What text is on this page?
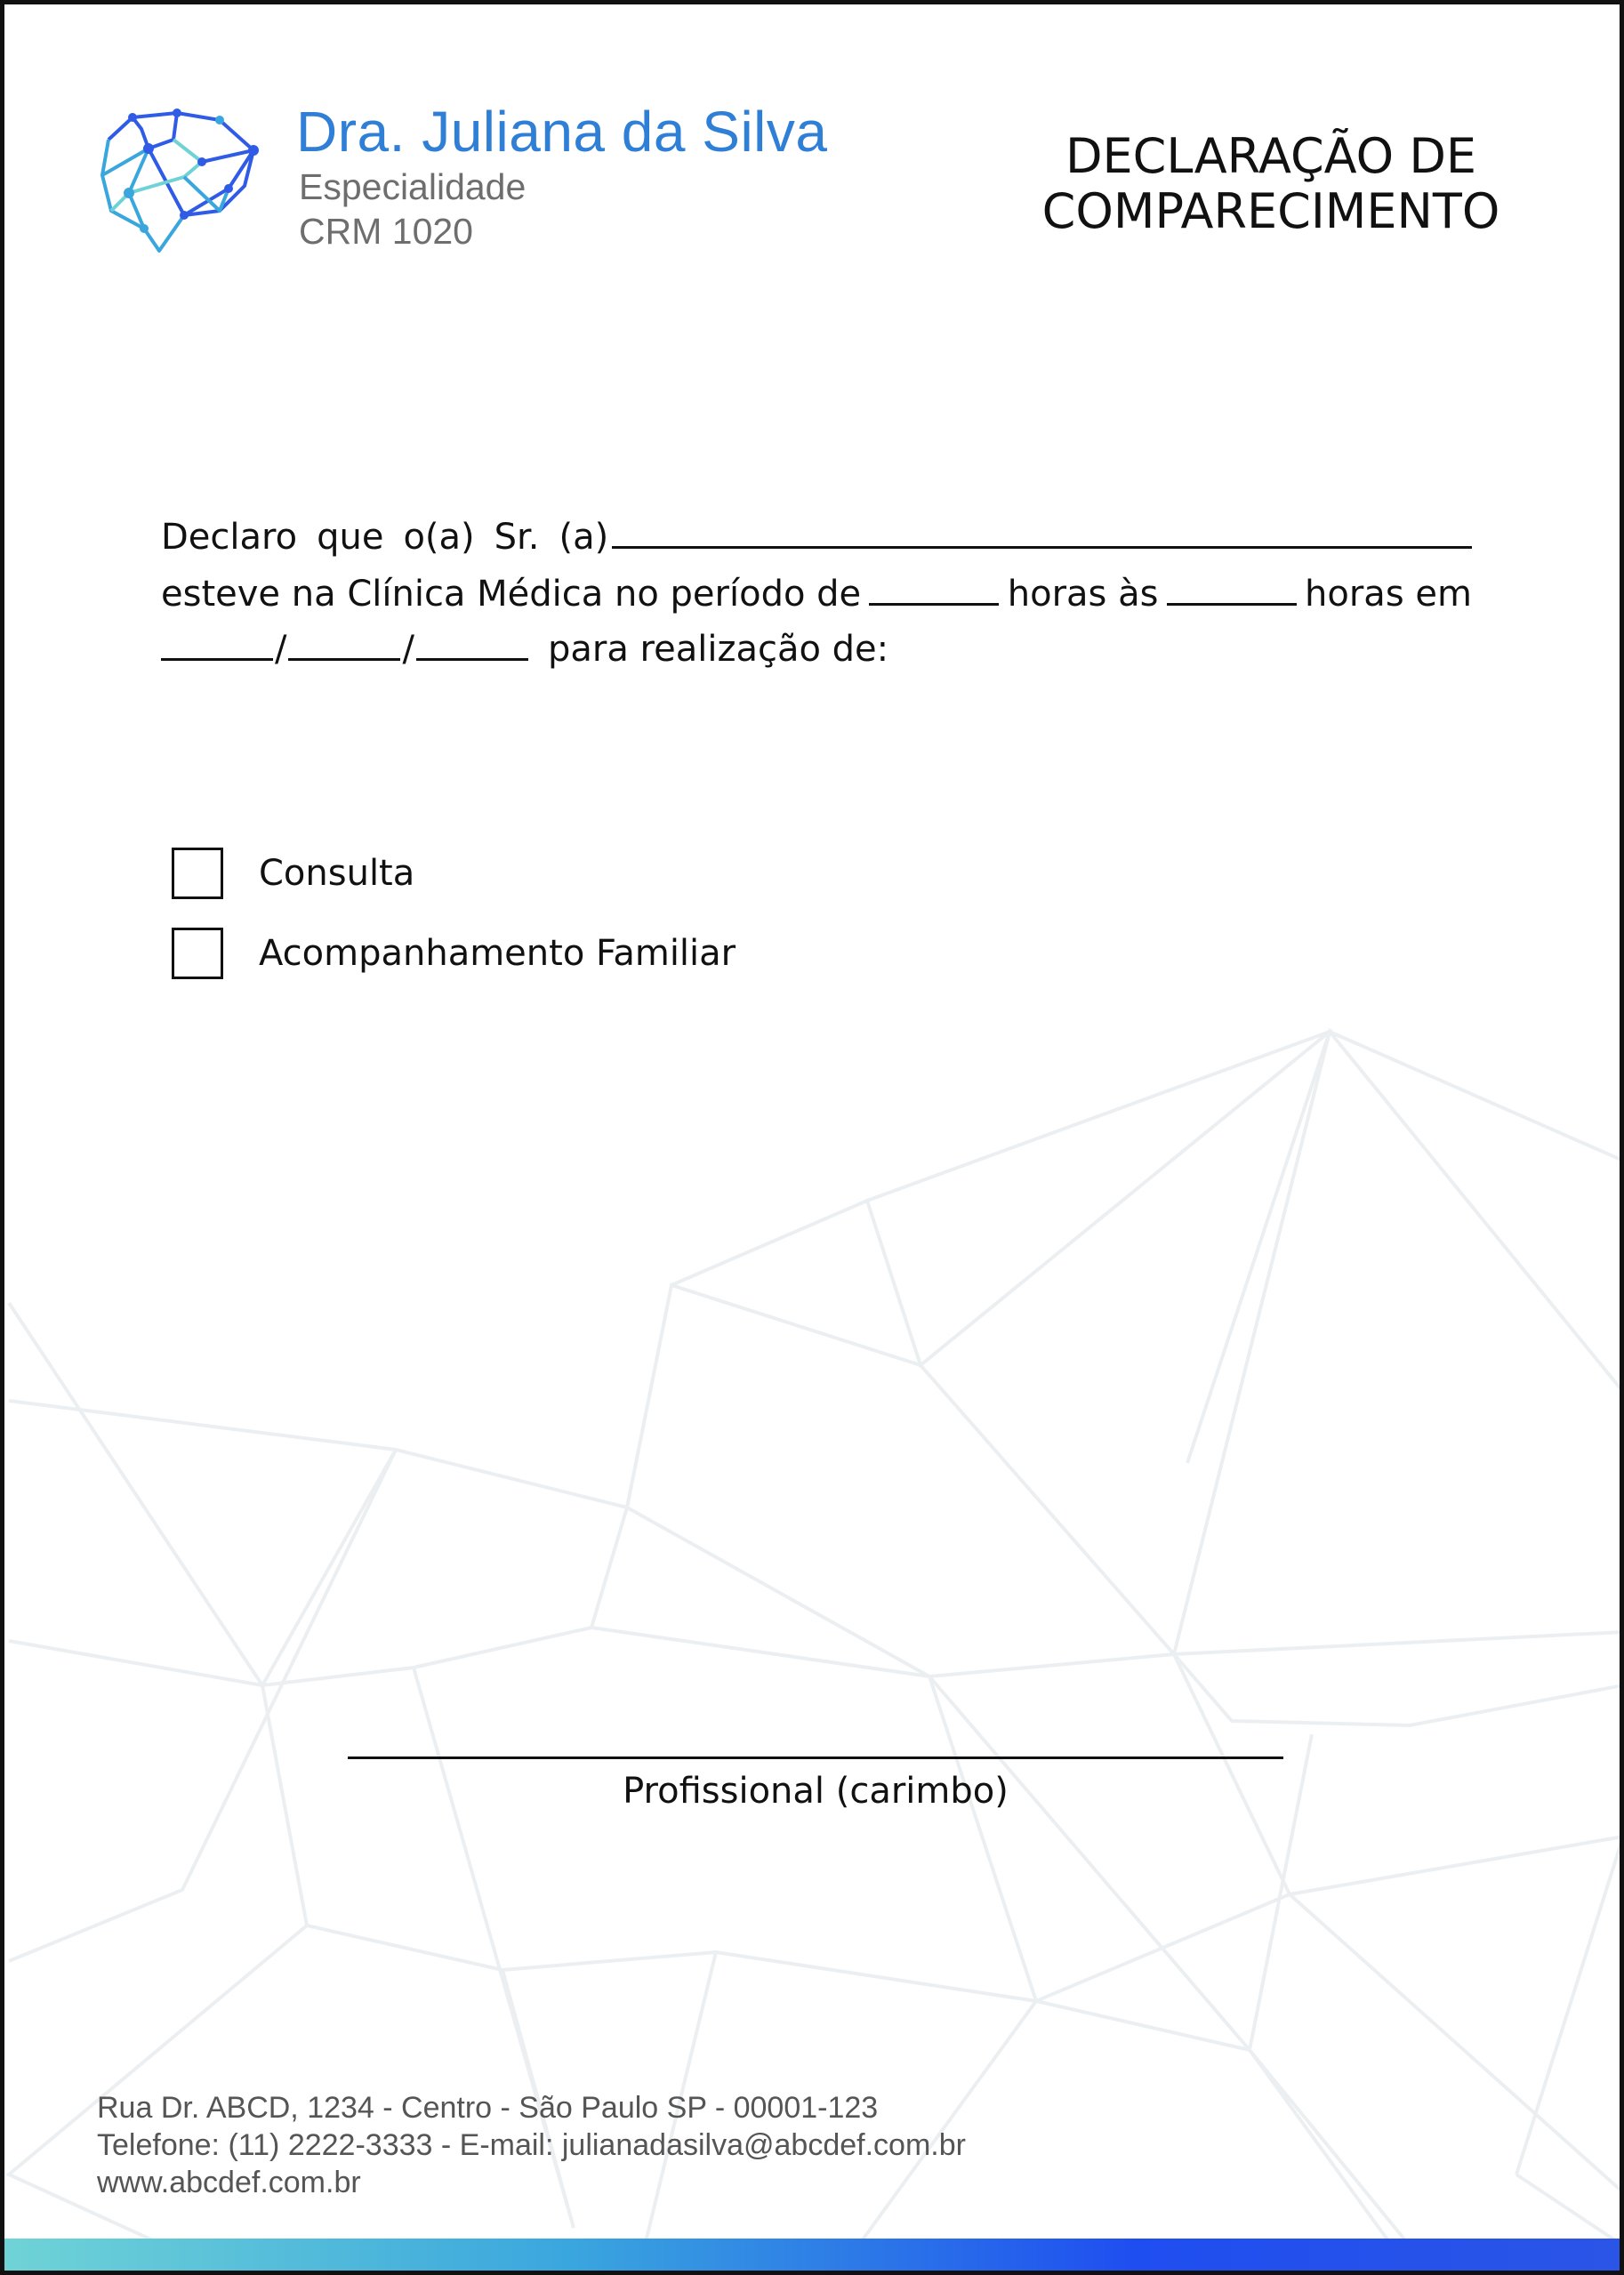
Dra. Juliana da Silva
Especialidade
CRM 1020
DECLARAÇÃO DE
COMPARECIMENTO
Declaro que o(a) Sr. (a)
esteve na Clínica Médica no período de	horas às	horas em
/	/	para realização de:
Consulta
Acompanhamento Familiar
Profissional (carimbo)
Rua Dr. ABCD, 1234 - Centro - São Paulo SP - 00001-123
Telefone: (11) 2222-3333 - E-mail: julianadasilva@abcdef.com.br
www.abcdef.com.br
